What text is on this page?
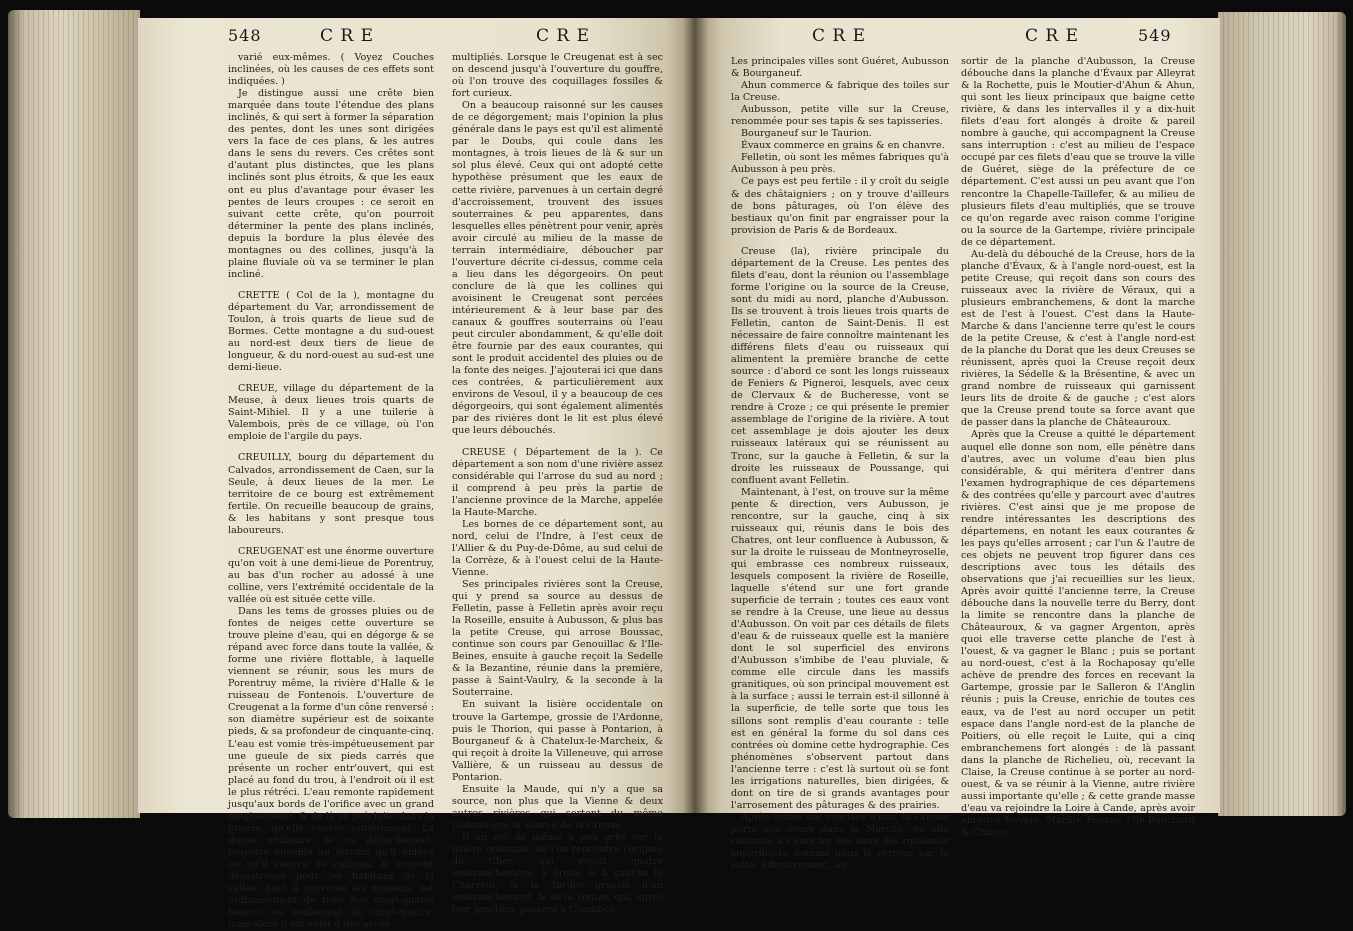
548	C R E	C R E	C R E	C R E	549

varié eux-mêmes. ( Voyez Couches inclinées, où les causes de ces effets sont indiquées. )

Je distingue aussi une crête bien marquée dans toute l'étendue des plans inclinés, & qui sert à former la séparation des pentes, dont les unes sont dirigées vers la face de ces plans, & les autres dans le sens du revers. Ces crêtes sont d'autant plus distinctes, que les plans inclinés sont plus étroits, & que les eaux ont eu plus d'avantage pour évaser les pentes de leurs croupes : ce seroit en suivant cette crête, qu'on pourroit déterminer la pente des plans inclinés, depuis la bordure la plus élevée des montagnes ou des collines, jusqu'à la plaine fluviale où va se terminer le plan incliné.

CRETTE ( Col de la ), montagne du département du Var, arrondissement de Toulon, à trois quarts de lieue sud de Bormes. Cette montagne a du sud-ouest au nord-est deux tiers de lieue de longueur, & du nord-ouest au sud-est une demi-lieue.

CREUE, village du département de la Meuse, à deux lieues trois quarts de Saint-Mihiel. Il y a une tuilerie à Valembois, près de ce village, où l'on emploie de l'argile du pays.

CREUILLY, bourg du département du Calvados, arrondissement de Caen, sur la Seule, à deux lieues de la mer. Le territoire de ce bourg est extrêmement fertile. On recueille beaucoup de grains, & les habitans y sont presque tous laboureurs.

CREUGENAT est une énorme ouverture qu'on voit à une demi-lieue de Porentruy, au bas d'un rocher au adossé à une colline, vers l'extrémité occidentale de la vallée où est située cette ville.

Dans les tems de grosses pluies ou de fontes de neiges cette ouverture se trouve pleine d'eau, qui en dégorge & se répand avec force dans toute la vallée, & forme une rivière flottable, à laquelle viennent se réunir, sous les murs de Porentruy même, la rivière d'Halle & le ruisseau de Fontenois. L'ouverture de Creugenat a la forme d'un cône renversé : son diamètre supérieur est de soixante pieds, & sa profondeur de cinquante-cinq. L'eau est vomie très-impétueusement par une gueule de six pieds carrés que présente un rocher entr'ouvert, qui est placé au fond du trou, à l'endroit où il est le plus rétréci. L'eau remonte rapidement jusqu'aux bords de l'orifice avec un grand mugissement, & de là se précipite dans la prairie, qu'elle couvre entièrement. La durée ordinaire de ce débordement, toujours nuisible au terrain qu'il enlève ou qu'il couvre de cailloux, & souvent désastreuse pour les habitans de la vallée, dont il renverse les maisons, est ordinairement de trois fois vingt-quatre heures, ou seulement de vingt-quatre; mais alors il est sujet à des accès

multipliés. Lorsque le Creugenat est à sec on descend jusqu'à l'ouverture du gouffre, où l'on trouve des coquillages fossiles & fort curieux.

On a beaucoup raisonné sur les causes de ce dégorgement; mais l'opinion la plus générale dans le pays est qu'il est alimenté par le Doubs, qui coule dans les montagnes, à trois lieues de là & sur un sol plus élevé. Ceux qui ont adopté cette hypothèse présument que les eaux de cette rivière, parvenues à un certain degré d'accroissement, trouvent des issues souterraines & peu apparentes, dans lesquelles elles pénètrent pour venir, après avoir circulé au milieu de la masse de terrain intermédiaire, déboucher par l'ouverture décrite ci-dessus, comme cela a lieu dans les dégorgeoirs. On peut conclure de là que les collines qui avoisinent le Creugenat sont percées intérieurement & à leur base par des canaux & gouffres souterrains où l'eau peut circuler abondamment, & qu'elle doit être fournie par des eaux courantes, qui sont le produit accidentel des pluies ou de la fonte des neiges. J'ajouterai ici que dans ces contrées, & particulièrement aux environs de Vesoul, il y a beaucoup de ces dégorgeoirs, qui sont également alimentés par des rivières dont le lit est plus élevé que leurs débouchés.

CREUSE ( Département de la ). Ce département a son nom d'une rivière assez considérable qui l'arrose du sud au nord ; il comprend à peu près la partie de l'ancienne province de la Marche, appelée la Haute-Marche.

Les bornes de ce département sont, au nord, celui de l'Indre, à l'est ceux de l'Allier & du Puy-de-Dôme, au sud celui de la Corrèze, & à l'ouest celui de la Haute-Vienne.

Ses principales rivières sont la Creuse, qui y prend sa source au dessus de Felletin, passe à Felletin après avoir reçu la Roseille, ensuite à Aubusson, & plus bas la petite Creuse, qui arrose Boussac, continue son cours par Genouillac & l'Ile-Beines, ensuite à gauche reçoit la Sedelle & la Bezantine, réunie dans la première, passe à Saint-Vaulry, & la seconde à la Souterraine.

En suivant la lisière occidentale on trouve la Gartempe, grossie de l'Ardonne, puis le Thorion, qui passe à Pontarion, à Bourganeuf & à Chatelux-le-Marcheix, & qui reçoit à droite la Villeneuve, qui arrose Vallière, & un ruisseau au dessus de Pontarion.

Ensuite la Maude, qui n'y a que sa source, non plus que la Vienne & deux autres rivières qui sortent du même plateau que la source de la Creuse.

Il en est de même à peu près sur la lisière orientale, où l'on rencontre l'origine du Cher, qui reçoit quatre embranchemens, à droite & à gauche le Charerot, & la Tardes grossie d'un embranchement, & de la Vouize, qui, après leur jonction, passent à Chambon.

Les principales villes sont Guéret, Aubusson & Bourganeuf.

Ahun commerce & fabrique des toiles sur la Creuse.

Aubusson, petite ville sur la Creuse, renommée pour ses tapis & ses tapisseries.

Bourganeuf sur le Taurion.

Évaux commerce en grains & en chanvre.

Felletin, où sont les mêmes fabriques qu'à Aubusson à peu près.

Ce pays est peu fertile : il y croît du seigle & des châtaigniers ; on y trouve d'ailleurs de bons pâturages, où l'on élève des bestiaux qu'on finit par engraisser pour la provision de Paris & de Bordeaux.

Creuse (la), rivière principale du département de la Creuse. Les pentes des filets d'eau, dont la réunion ou l'assemblage forme l'origine ou la source de la Creuse, sont du midi au nord, planche d'Aubusson. Ils se trouvent à trois lieues trois quarts de Felletin, canton de Saint-Denis. Il est nécessaire de faire connoître maintenant les différens filets d'eau ou ruisseaux qui alimentent la première branche de cette source : d'abord ce sont les longs ruisseaux de Feniers & Pigneroi, lesquels, avec ceux de Clervaux & de Bucheresse, vont se rendre à Croze ; ce qui présente le premier assemblage de l'origine de la rivière. A tout cet assemblage je dois ajouter les deux ruisseaux latéraux qui se réunissent au Tronc, sur la gauche à Felletin, & sur la droite les ruisseaux de Poussange, qui confluent avant Felletin.

Maintenant, à l'est, on trouve sur la même pente & direction, vers Aubusson, je rencontre, sur la gauche, cinq à six ruisseaux qui, réunis dans le bois des Chatres, ont leur confluence à Aubusson, & sur la droite le ruisseau de Montneyroselle, qui embrasse ces nombreux ruisseaux, lesquels composent la rivière de Roseille, laquelle s'étend sur une fort grande superficie de terrain ; toutes ces eaux vont se rendre à la Creuse, une lieue au dessus d'Aubusson. On voit par ces détails de filets d'eau & de ruisseaux quelle est la manière dont le sol superficiel des environs d'Aubusson s'imbibe de l'eau pluviale, & comme elle circule dans les massifs granitiques, où son principal mouvement est à la surface ; aussi le terrain est-il sillonné à la superficie, de telle sorte que tous les sillons sont remplis d'eau courante : telle est en général la forme du sol dans ces contrées où domine cette hydrographie. Ces phénomènes s'observent partout dans l'ancienne terre : c'est là surtout où se font les irrigations naturelles, bien dirigées, & dont on tire de si grands avantages pour l'arrosement des pâturages & des prairies.

Après toutes ces reprises d'eau, la Creuse porte son cours dans la Marche, où elle continue à s'enrichir des eaux des ruisseaux superficiels, comme nous le verrons par la suite. Effectivement, au

sortir de la planche d'Aubusson, la Creuse débouche dans la planche d'Évaux par Alleyrat & la Rochette, puis le Moutier-d'Ahun & Ahun, qui sont les lieux principaux que baigne cette rivière, & dans les intervalles il y a dix-huit filets d'eau fort alongés à droite & pareil nombre à gauche, qui accompagnent la Creuse sans interruption : c'est au milieu de l'espace occupé par ces filets d'eau que se trouve la ville de Guéret, siège de la préfecture de ce département. C'est aussi un peu avant que l'on rencontre la Chapelle-Taillefer, & au milieu de plusieurs filets d'eau multipliés, que se trouve ce qu'on regarde avec raison comme l'origine ou la source de la Gartempe, rivière principale de ce département.

Au-delà du débouché de la Creuse, hors de la planche d'Évaux, & à l'angle nord-ouest, est la petite Creuse, qui reçoit dans son cours des ruisseaux avec la rivière de Véraux, qui a plusieurs embranchemens, & dont la marche est de l'est à l'ouest. C'est dans la Haute-Marche & dans l'ancienne terre qu'est le cours de la petite Creuse, & c'est à l'angle nord-est de la planche du Dorat que les deux Creuses se réunissent, après quoi la Creuse reçoit deux rivières, la Sédelle & la Brésentine, & avec un grand nombre de ruisseaux qui garnissent leurs lits de droite & de gauche ; c'est alors que la Creuse prend toute sa force avant que de passer dans la planche de Châteauroux.

Après que la Creuse a quitté le département auquel elle donne son nom, elle pénètre dans d'autres, avec un volume d'eau bien plus considérable, & qui méritera d'entrer dans l'examen hydrographique de ces départemens & des contrées qu'elle y parcourt avec d'autres rivières. C'est ainsi que je me propose de rendre intéressantes les descriptions des départemens, en notant les eaux courantes & les pays qu'elles arrosent ; car l'un & l'autre de ces objets ne peuvent trop figurer dans ces descriptions avec tous les détails des observations que j'ai recueillies sur les lieux. Après avoir quitté l'ancienne terre, la Creuse débouche dans la nouvelle terre du Berry, dont la limite se rencontre dans la planche de Châteauroux, & va gagner Argenton, après quoi elle traverse cette planche de l'est à l'ouest, & va gagner le Blanc ; puis se portant au nord-ouest, c'est à la Rochaposay qu'elle achève de prendre des forces en recevant la Gartempe, grossie par le Salleron & l'Anglin réunis ; puis la Creuse, enrichie de toutes ces eaux, va de l'est au nord occuper un petit espace dans l'angle nord-est de la planche de Poitiers, où elle reçoit le Luite, qui a cinq embranchemens fort alongés : de là passant dans la planche de Richelieu, où, recevant la Claise, la Creuse continue à se porter au nord-ouest, & va se réunir à la Vienne, autre rivière aussi importante qu'elle ; & cette grande masse d'eau va rejoindre la Loire à Cande, après avoir abreuvé Noyers, Marilly, Pouzay, l'Ile-Bouchard & Chinon.
